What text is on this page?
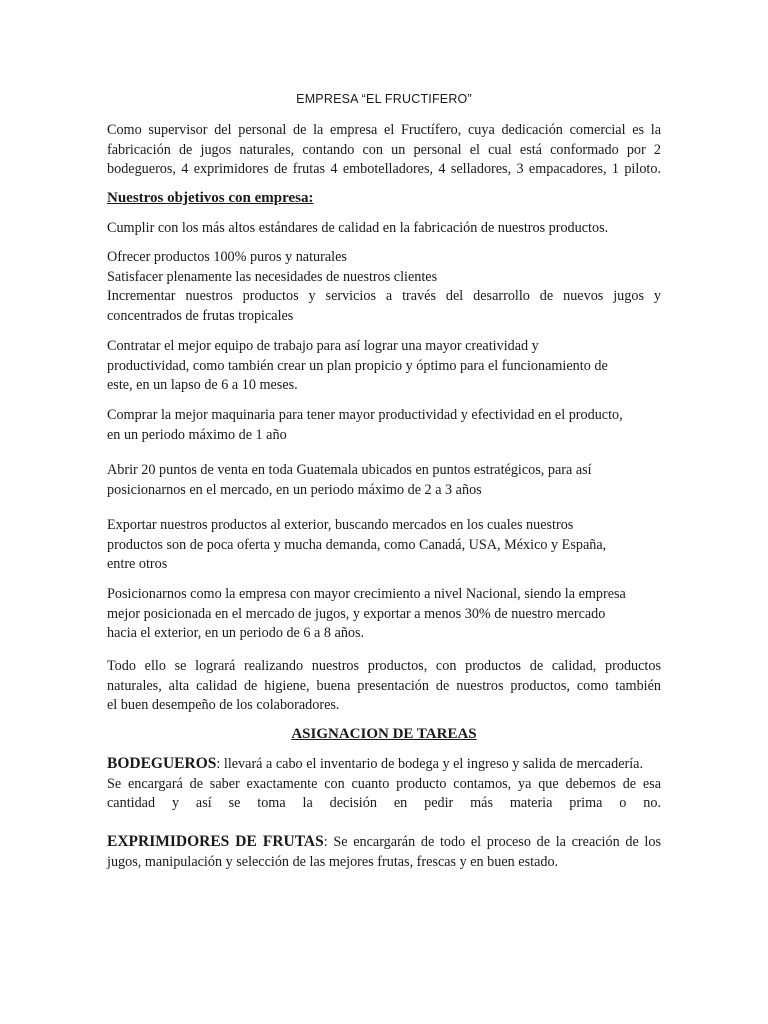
EMPRESA “EL FRUCTIFERO”
Como supervisor del personal de la empresa el Fructífero, cuya dedicación comercial es la
fabricación de jugos naturales, contando con un personal el cual está conformado por 2
bodegueros, 4 exprimidores de frutas 4 embotelladores, 4 selladores, 3 empacadores, 1 piloto.
Nuestros objetivos con empresa:
Cumplir con los más altos estándares de calidad en la fabricación de nuestros productos.
Ofrecer productos 100% puros y naturales
Satisfacer plenamente las necesidades de nuestros clientes
Incrementar nuestros productos y servicios a través del desarrollo de nuevos jugos y
concentrados de frutas tropicales
Contratar el mejor equipo de trabajo para así lograr una mayor creatividad y
productividad, como también crear un plan propicio y óptimo para el funcionamiento de
este, en un lapso de 6 a 10 meses.
Comprar la mejor maquinaria para tener mayor productividad y efectividad en el producto,
en un periodo máximo de 1 año
Abrir 20 puntos de venta en toda Guatemala ubicados en puntos estratégicos, para así
posicionarnos en el mercado, en un periodo máximo de 2 a 3 años
Exportar nuestros productos al exterior, buscando mercados en los cuales nuestros
productos son de poca oferta y mucha demanda, como Canadá, USA, México y España,
entre otros
Posicionarnos como la empresa con mayor crecimiento a nivel Nacional, siendo la empresa
mejor posicionada en el mercado de jugos, y exportar a menos 30% de nuestro mercado
hacia el exterior, en un periodo de 6 a 8 años.
Todo ello se logrará realizando nuestros productos, con productos de calidad, productos
naturales, alta calidad de higiene, buena presentación de nuestros productos, como también
el buen desempeño de los colaboradores.
ASIGNACION DE TAREAS
BODEGUEROS: llevará a cabo el inventario de bodega y el ingreso y salida de mercadería.
Se encargará de saber exactamente con cuanto producto contamos, ya que debemos de esa
cantidad y así se toma la decisión en pedir más materia prima o no.
EXPRIMIDORES DE FRUTAS: Se encargarán de todo el proceso de la creación de los
jugos, manipulación y selección de las mejores frutas, frescas y en buen estado.
